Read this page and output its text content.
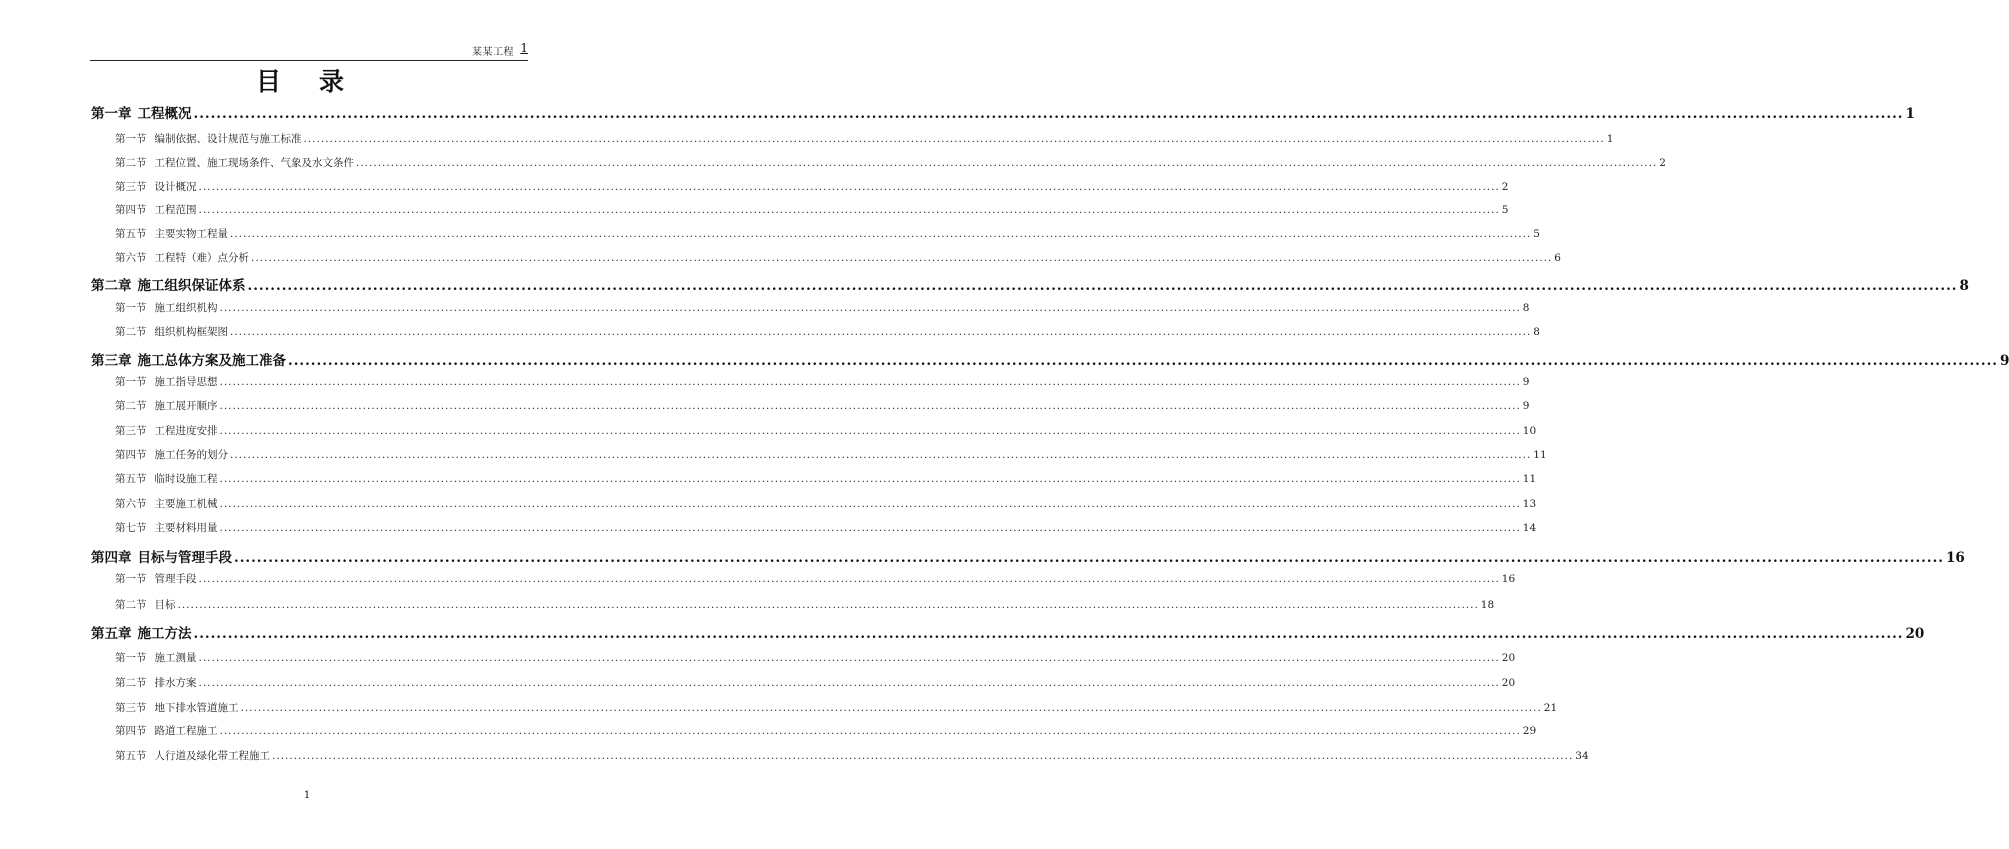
某某工程 1
目录
第一章 工程概况 ............................................................................................................................................................................................................................................................................................................ 1
第一节 编制依据、设计规范与施工标准 ............................................................................................................................................................................................................................................................................................................ 1
第二节 工程位置、施工现场条件、气象及水文条件 ............................................................................................................................................................................................................................................................................................................ 2
第三节 设计概况 ............................................................................................................................................................................................................................................................................................................ 2
第四节 工程范围 ............................................................................................................................................................................................................................................................................................................ 5
第五节 主要实物工程量 ............................................................................................................................................................................................................................................................................................................ 5
第六节 工程特（难）点分析 ............................................................................................................................................................................................................................................................................................................ 6
第二章 施工组织保证体系 ............................................................................................................................................................................................................................................................................................................ 8
第一节 施工组织机构 ............................................................................................................................................................................................................................................................................................................ 8
第二节 组织机构框架图 ............................................................................................................................................................................................................................................................................................................ 8
第三章 施工总体方案及施工准备 ............................................................................................................................................................................................................................................................................................................ 9
第一节 施工指导思想 ............................................................................................................................................................................................................................................................................................................ 9
第二节 施工展开顺序 ............................................................................................................................................................................................................................................................................................................ 9
第三节 工程进度安排 ............................................................................................................................................................................................................................................................................................................ 10
第四节 施工任务的划分 ............................................................................................................................................................................................................................................................................................................ 11
第五节 临时设施工程 ............................................................................................................................................................................................................................................................................................................ 11
第六节 主要施工机械 ............................................................................................................................................................................................................................................................................................................ 13
第七节 主要材料用量 ............................................................................................................................................................................................................................................................................................................ 14
第四章 目标与管理手段 ............................................................................................................................................................................................................................................................................................................ 16
第一节 管理手段 ............................................................................................................................................................................................................................................................................................................ 16
第二节 目标 ............................................................................................................................................................................................................................................................................................................ 18
第五章 施工方法 ............................................................................................................................................................................................................................................................................................................ 20
第一节 施工测量 ............................................................................................................................................................................................................................................................................................................ 20
第二节 排水方案 ............................................................................................................................................................................................................................................................................................................ 20
第三节 地下排水管道施工 ............................................................................................................................................................................................................................................................................................................ 21
第四节 路道工程施工 ............................................................................................................................................................................................................................................................................................................ 29
第五节 人行道及绿化带工程施工 ............................................................................................................................................................................................................................................................................................................ 34
1
